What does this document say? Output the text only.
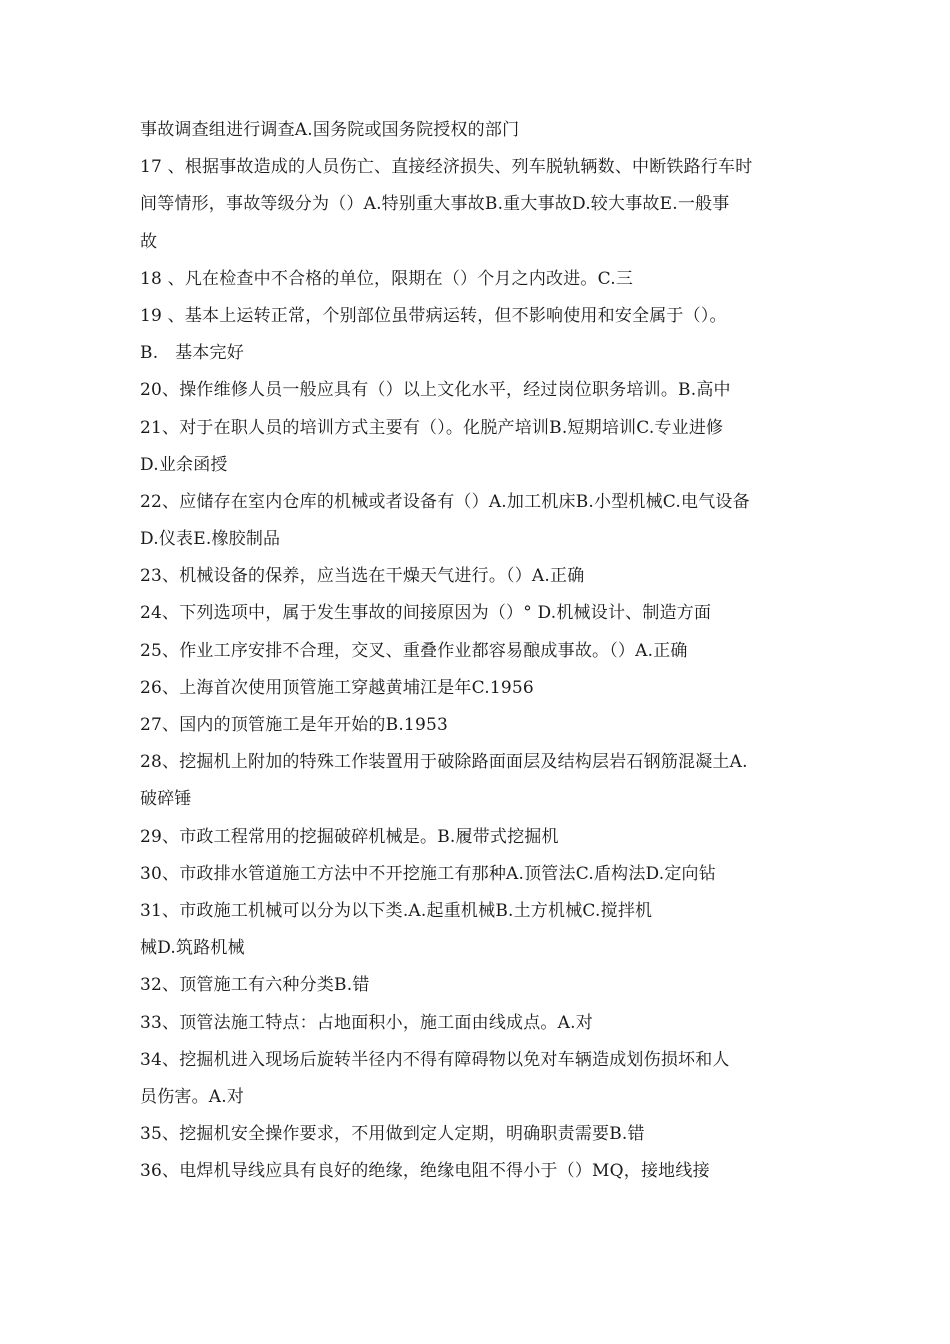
事故调查组进行调查A.国务院或国务院授权的部门
17 、根据事故造成的人员伤亡、直接经济损失、列车脱轨辆数、中断铁路行车时
间等情形，事故等级分为（）A.特别重大事故B.重大事故D.较大事故E.一般事
故
18 、凡在检查中不合格的单位，限期在（）个月之内改进。C.三
19 、基本上运转正常，个别部位虽带病运转，但不影响使用和安全属于（）。
B.   基本完好
20、操作维修人员一般应具有（）以上文化水平，经过岗位职务培训。B.高中
21、对于在职人员的培训方式主要有（）。化脱产培训B.短期培训C.专业进修
D.业余函授
22、应储存在室内仓库的机械或者设备有（）A.加工机床B.小型机械C.电气设备
D.仪表E.橡胶制品
23、机械设备的保养，应当选在干燥天气进行。（）A.正确
24、下列选项中，属于发生事故的间接原因为（）° D.机械设计、制造方面
25、作业工序安排不合理，交叉、重叠作业都容易酿成事故。（）A.正确
26、上海首次使用顶管施工穿越黄埔江是年C.1956
27、国内的顶管施工是年开始的B.1953
28、挖掘机上附加的特殊工作装置用于破除路面面层及结构层岩石钢筋混凝土A.
破碎锤
29、市政工程常用的挖掘破碎机械是。B.履带式挖掘机
30、市政排水管道施工方法中不开挖施工有那种A.顶管法C.盾构法D.定向钻
31、市政施工机械可以分为以下类.A.起重机械B.土方机械C.搅拌机
械D.筑路机械
32、顶管施工有六种分类B.错
33、顶管法施工特点：占地面积小，施工面由线成点。A.对
34、挖掘机进入现场后旋转半径内不得有障碍物以免对车辆造成划伤损坏和人
员伤害。A.对
35、挖掘机安全操作要求，不用做到定人定期，明确职责需要B.错
36、电焊机导线应具有良好的绝缘，绝缘电阻不得小于（）MQ，接地线接
